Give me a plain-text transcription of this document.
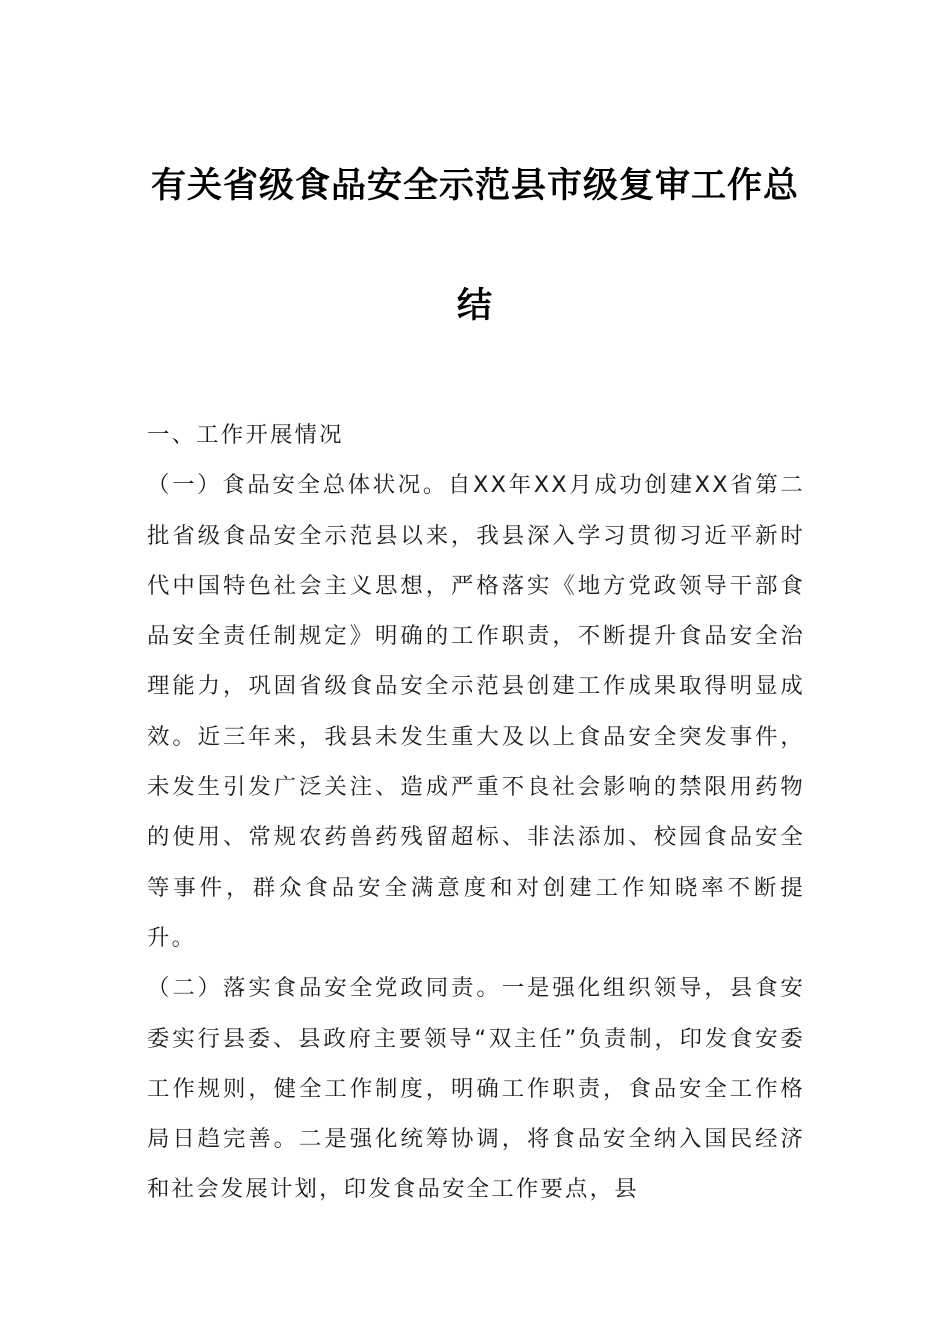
有关省级食品安全示范县市级复审工作总
结

一、工作开展情况

（一）食品安全总体状况。自XX年XX月成功创建XX省第二批省级食品安全示范县以来，我县深入学习贯彻习近平新时代中国特色社会主义思想，严格落实《地方党政领导干部食品安全责任制规定》明确的工作职责，不断提升食品安全治理能力，巩固省级食品安全示范县创建工作成果取得明显成效。近三年来，我县未发生重大及以上食品安全突发事件，未发生引发广泛关注、造成严重不良社会影响的禁限用药物的使用、常规农药兽药残留超标、非法添加、校园食品安全等事件，群众食品安全满意度和对创建工作知晓率不断提升。

（二）落实食品安全党政同责。一是强化组织领导，县食安委实行县委、县政府主要领导“双主任”负责制，印发食安委工作规则，健全工作制度，明确工作职责，食品安全工作格局日趋完善。二是强化统筹协调，将食品安全纳入国民经济和社会发展计划，印发食品安全工作要点，县
